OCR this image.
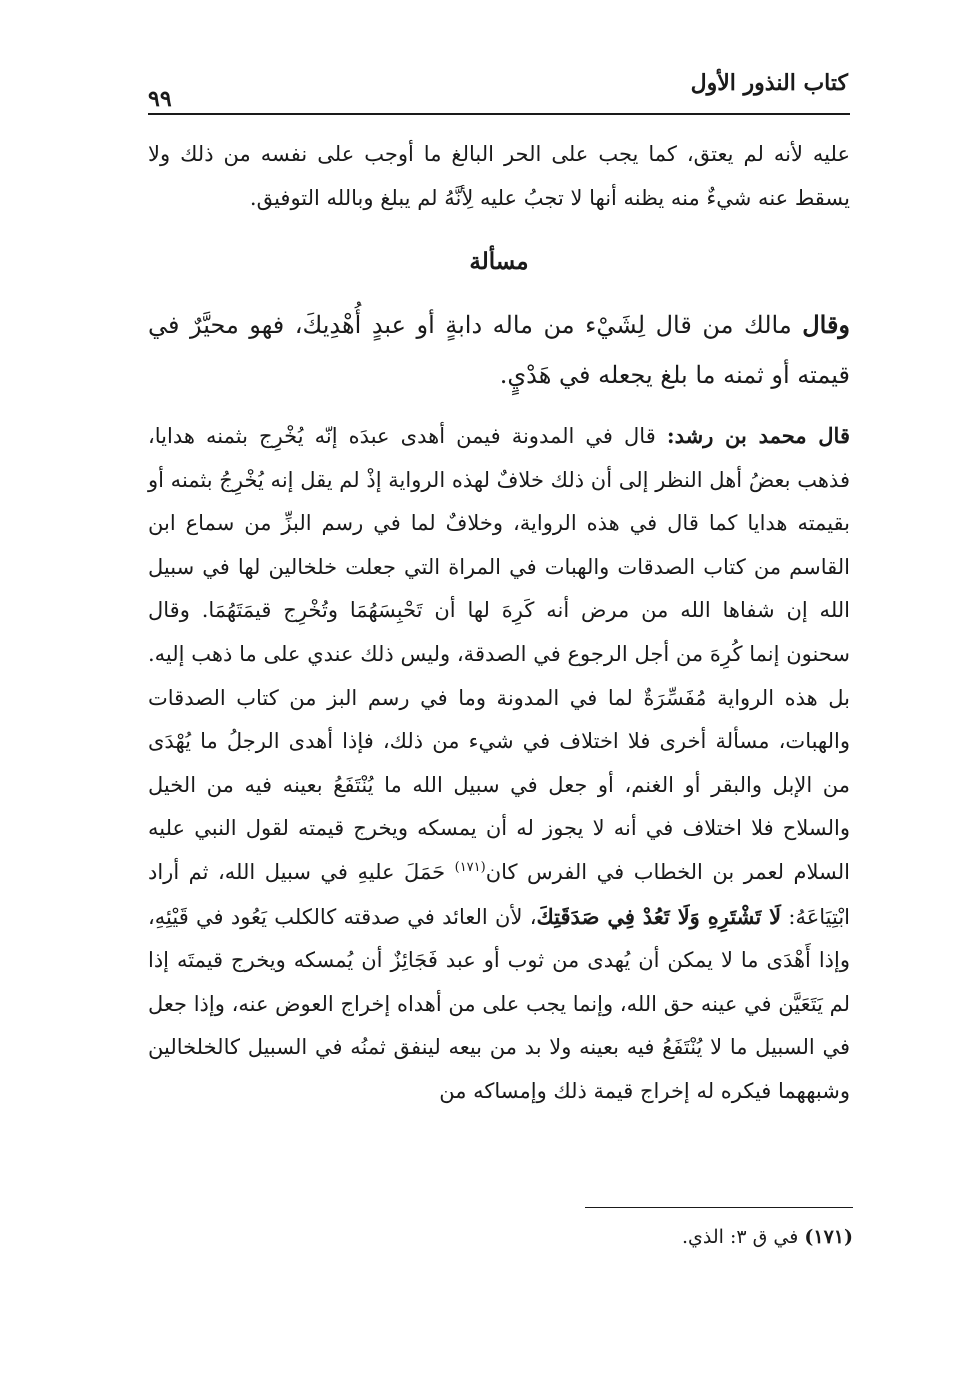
كتاب النذور الأول
٩٩

عليه لأنه لم يعتق، كما يجب على الحر البالغ ما أوجب على نفسه من ذلك ولا يسقط عنه شيءٌ منه يظنه أنها لا تجبُ عليه لِأنَّهُ لم يبلغ وبالله التوفيق.

مسألة

وقال مالك من قال لِشَيْء من ماله دابةٍ أو عبدٍ أُهْدِيكَ، فهو محيَّرٌ في قيمته أو ثمنه ما بلغ يجعله في هَدْيٍ.

قال محمد بن رشد: قال في المدونة فيمن أهدى عبدَه إنّه يُخْرِج بثمنه هدايا، فذهب بعضُ أهل النظر إلى أن ذلك خلافٌ لهذه الرواية إذْ لم يقل إنه يُخْرِجُ بثمنه أو بقيمته هدايا كما قال في هذه الرواية، وخلافٌ لما في رسم البزِّ من سماع ابن القاسم من كتاب الصدقات والهبات في المراة التي جعلت خلخالين لها في سبيل الله إن شفاها الله من مرض أنه كَرِهَ لها أن تَحْبِسَهُمَا وتُخْرِج قيمَتَهُمَا. وقال سحنون إنما كُرِهَ من أجل الرجوع في الصدقة، وليس ذلك عندي على ما ذهب إليه. بل هذه الرواية مُفَسِّرَةٌ لما في المدونة وما في رسم البز من كتاب الصدقات والهبات، مسألة أخرى فلا اختلاف في شيء من ذلك، فإذا أهدى الرجلُ ما يُهْدَى من الإبل والبقر أو الغنم، أو جعل في سبيل الله ما يُنْتَفَعُ بعينه فيه من الخيل والسلاح فلا اختلاف في أنه لا يجوز له أن يمسكه ويخرج قيمته لقول النبي عليه السلام لعمر بن الخطاب في الفرس كان$^{(١٧١)}$ حَمَلَ عليهِ في سبيل الله، ثم أراد ابْتِيَاعَهُ: لَا تَشْتَرِهِ وَلَا تَعُدْ فِي صَدَقَتِكَ، لأن العائد في صدقته كالكلب يَعُود في قَيْئِهِ، وإذا أَهْدَى ما لا يمكن أن يُهدى من ثوب أو عبد فَجَائِزٌ أن يُمسكه ويخرج قيمتَه إذا لم يَتَعَيَّن في عينه حق الله، وإنما يجب على من أهداه إخراج العوض عنه، وإذا جعل في السبيل ما لا يُنْتَفَعُ فيه بعينه ولا بد من بيعه لينفق ثمنُه في السبيل كالخلخالين وشبههما فيكره له إخراج قيمة ذلك وإمساكه من

(١٧١) في ق ٣: الذي.
